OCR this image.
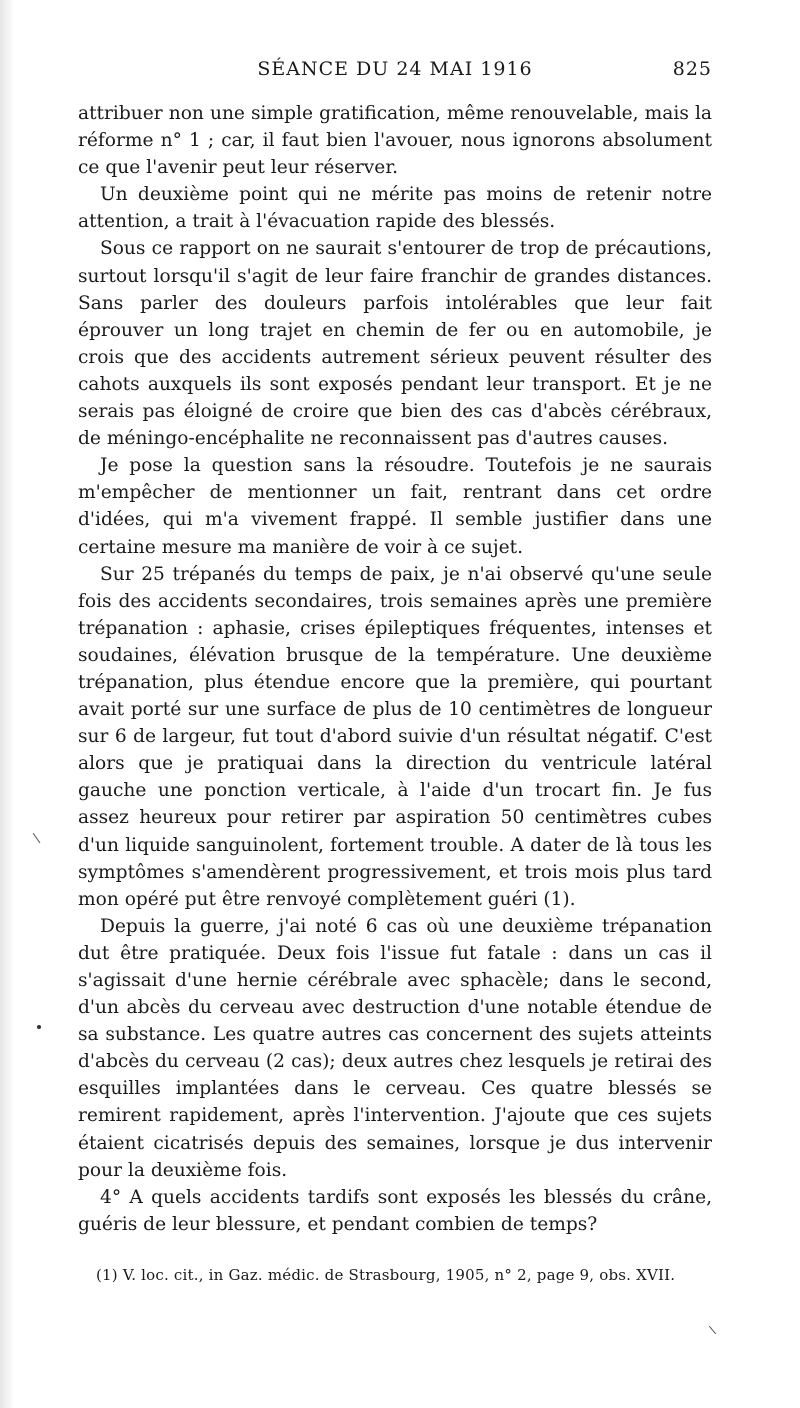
SÉANCE DU 24 MAI 1916	825

attribuer non une simple gratification, même renouvelable, mais la réforme n° 1 ; car, il faut bien l'avouer, nous ignorons absolument ce que l'avenir peut leur réserver.

Un deuxième point qui ne mérite pas moins de retenir notre attention, a trait à l'évacuation rapide des blessés.

Sous ce rapport on ne saurait s'entourer de trop de précautions, surtout lorsqu'il s'agit de leur faire franchir de grandes distances. Sans parler des douleurs parfois intolérables que leur fait éprouver un long trajet en chemin de fer ou en automobile, je crois que des accidents autrement sérieux peuvent résulter des cahots auxquels ils sont exposés pendant leur transport. Et je ne serais pas éloigné de croire que bien des cas d'abcès cérébraux, de méningo-encéphalite ne reconnaissent pas d'autres causes.

Je pose la question sans la résoudre. Toutefois je ne saurais m'empêcher de mentionner un fait, rentrant dans cet ordre d'idées, qui m'a vivement frappé. Il semble justifier dans une certaine mesure ma manière de voir à ce sujet.

Sur 25 trépanés du temps de paix, je n'ai observé qu'une seule fois des accidents secondaires, trois semaines après une première trépanation : aphasie, crises épileptiques fréquentes, intenses et soudaines, élévation brusque de la température. Une deuxième trépanation, plus étendue encore que la première, qui pourtant avait porté sur une surface de plus de 10 centimètres de longueur sur 6 de largeur, fut tout d'abord suivie d'un résultat négatif. C'est alors que je pratiquai dans la direction du ventricule latéral gauche une ponction verticale, à l'aide d'un trocart fin. Je fus assez heureux pour retirer par aspiration 50 centimètres cubes d'un liquide sanguinolent, fortement trouble. A dater de là tous les symptômes s'amendèrent progressivement, et trois mois plus tard mon opéré put être renvoyé complètement guéri (1).

Depuis la guerre, j'ai noté 6 cas où une deuxième trépanation dut être pratiquée. Deux fois l'issue fut fatale : dans un cas il s'agissait d'une hernie cérébrale avec sphacèle; dans le second, d'un abcès du cerveau avec destruction d'une notable étendue de sa substance. Les quatre autres cas concernent des sujets atteints d'abcès du cerveau (2 cas); deux autres chez lesquels je retirai des esquilles implantées dans le cerveau. Ces quatre blessés se remirent rapidement, après l'intervention. J'ajoute que ces sujets étaient cicatrisés depuis des semaines, lorsque je dus intervenir pour la deuxième fois.

4° A quels accidents tardifs sont exposés les blessés du crâne, guéris de leur blessure, et pendant combien de temps?

(1) V. loc. cit., in Gaz. médic. de Strasbourg, 1905, n° 2, page 9, obs. XVII.
